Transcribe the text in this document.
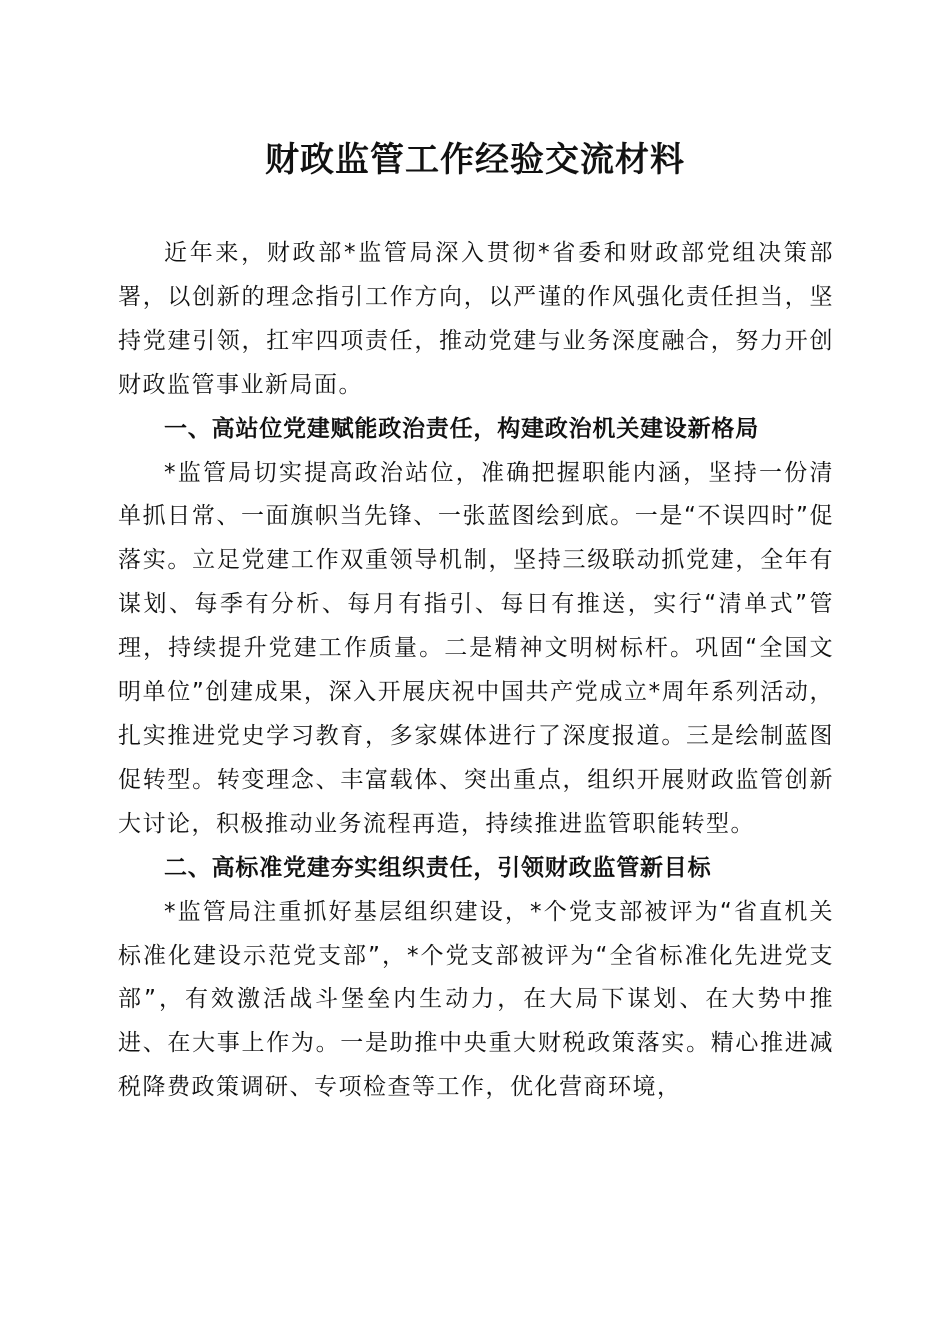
财政监管工作经验交流材料

近年来，财政部*监管局深入贯彻*省委和财政部党组决策部署，以创新的理念指引工作方向，以严谨的作风强化责任担当，坚持党建引领，扛牢四项责任，推动党建与业务深度融合，努力开创财政监管事业新局面。

一、高站位党建赋能政治责任，构建政治机关建设新格局

*监管局切实提高政治站位，准确把握职能内涵，坚持一份清单抓日常、一面旗帜当先锋、一张蓝图绘到底。一是“不误四时”促落实。立足党建工作双重领导机制，坚持三级联动抓党建，全年有谋划、每季有分析、每月有指引、每日有推送，实行“清单式”管理，持续提升党建工作质量。二是精神文明树标杆。巩固“全国文明单位”创建成果，深入开展庆祝中国共产党成立*周年系列活动，扎实推进党史学习教育，多家媒体进行了深度报道。三是绘制蓝图促转型。转变理念、丰富载体、突出重点，组织开展财政监管创新大讨论，积极推动业务流程再造，持续推进监管职能转型。

二、高标准党建夯实组织责任，引领财政监管新目标

*监管局注重抓好基层组织建设，*个党支部被评为“省直机关标准化建设示范党支部”，*个党支部被评为“全省标准化先进党支部”，有效激活战斗堡垒内生动力，在大局下谋划、在大势中推进、在大事上作为。一是助推中央重大财税政策落实。精心推进减税降费政策调研、专项检查等工作，优化营商环境，
